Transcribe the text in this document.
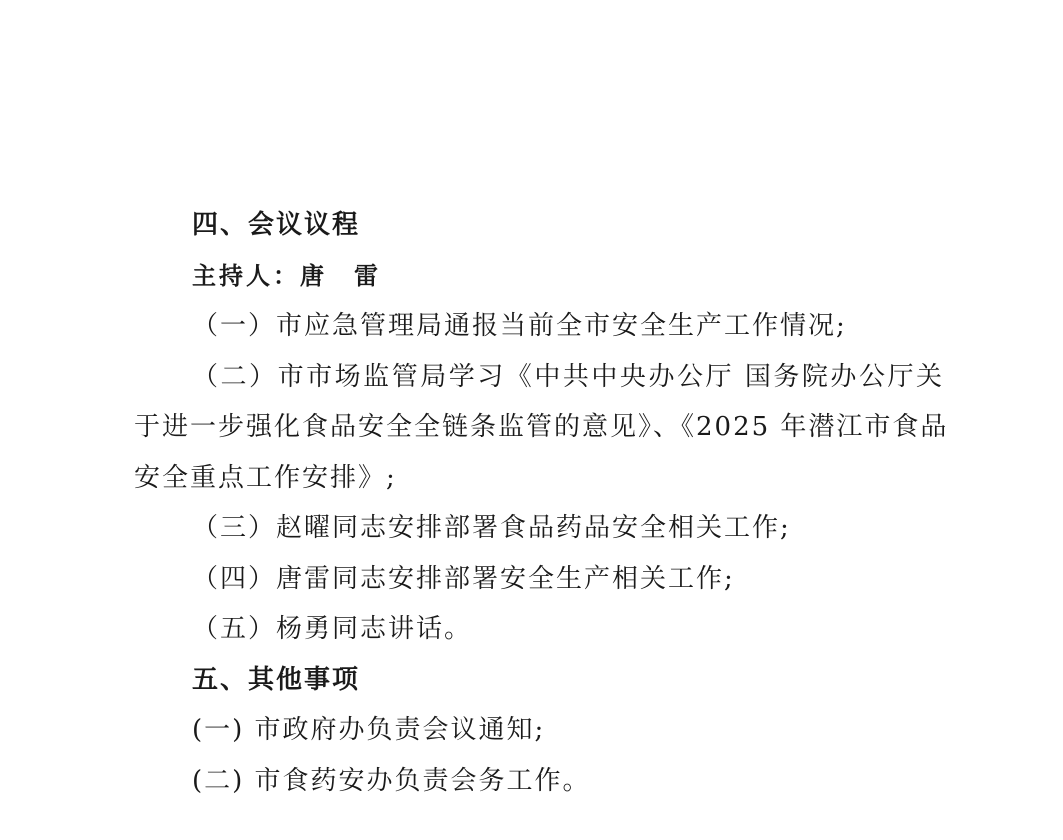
四、会议议程
主持人：唐　雷
（一）市应急管理局通报当前全市安全生产工作情况;
（二）市市场监管局学习《中共中央办公厅 国务院办公厅关
于进一步强化食品安全全链条监管的意见》、《2025 年潜江市食品
安全重点工作安排》;
（三）赵曜同志安排部署食品药品安全相关工作;
（四）唐雷同志安排部署安全生产相关工作;
（五）杨勇同志讲话。
五、其他事项
(一) 市政府办负责会议通知;
(二) 市食药安办负责会务工作。
